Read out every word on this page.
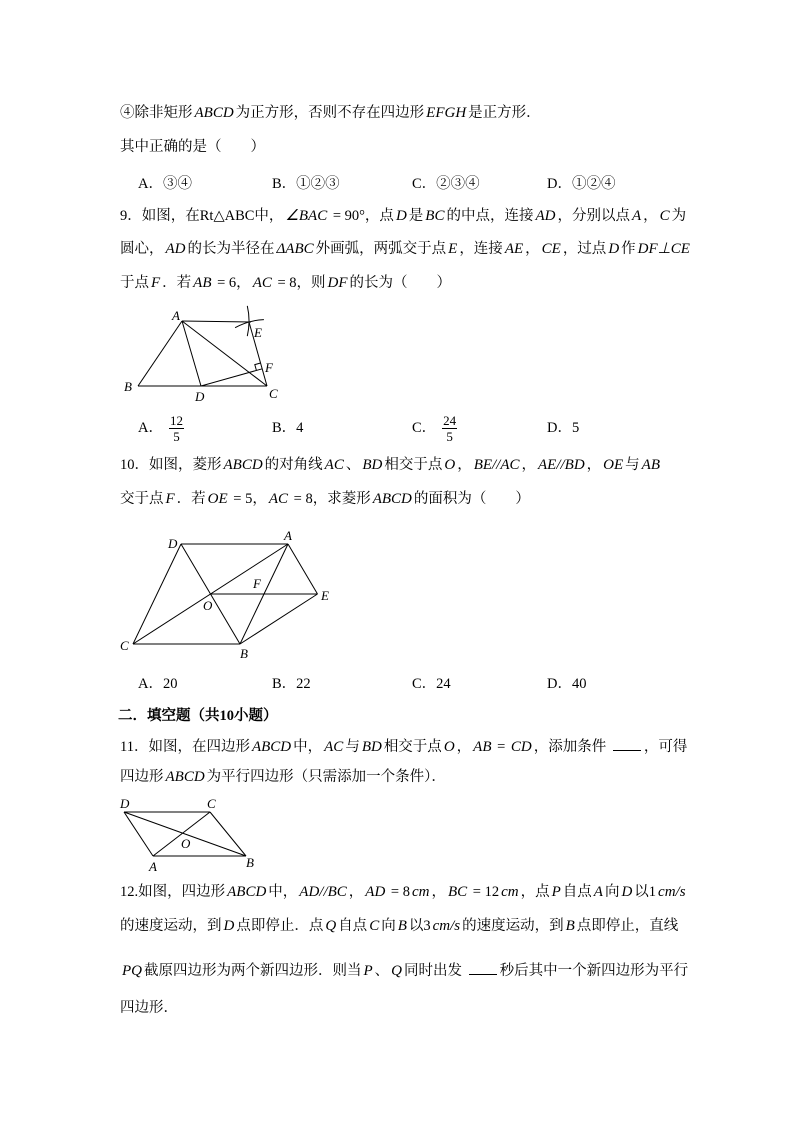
④除非矩形 ABCD 为正方形，否则不存在四边形 EFGH 是正方形．
其中正确的是（　　）
A．③④	B．①②③	C．②③④	D．①②④
9．如图，在Rt△ABC中， ∠BAC = 90°，点 D 是 BC 的中点，连接 AD ，分别以点 A ， C 为
圆心， AD 的长为半径在 ΔABC 外画弧，两弧交于点 E ，连接 AE ， CE ，过点 D 作 DF⊥CE
于点 F ．若 AB = 6， AC = 8，则 DF 的长为（　　）
A
E
F
B
D	C
A． $\frac{12}{5}$	B．4	C． $\frac{24}{5}$	D．5
10．如图，菱形 ABCD 的对角线 AC 、 BD 相交于点 O ， BE//AC ， AE//BD ， OE 与 AB
交于点 F ．若 OE = 5， AC = 8，求菱形 ABCD 的面积为（　　）
D
A
F
O
E
C
B
A．20	B．22	C．24	D．40
二．填空题（共10小题）
11．如图，在四边形 ABCD 中， AC 与 BD 相交于点 O ， AB = CD ，添加条件 ，可得
四边形 ABCD 为平行四边形（只需添加一个条件）．
D	C
O
A	B
12.如图，四边形 ABCD 中， AD//BC ， AD = 8 cm ， BC = 12 cm ，点 P 自点 A 向 D 以1 cm/s
的速度运动，到 D 点即停止．点 Q 自点 C 向 B 以3 cm/s 的速度运动，到 B 点即停止，直线
PQ 截原四边形为两个新四边形．则当 P 、 Q 同时出发 秒后其中一个新四边形为平行
四边形．
